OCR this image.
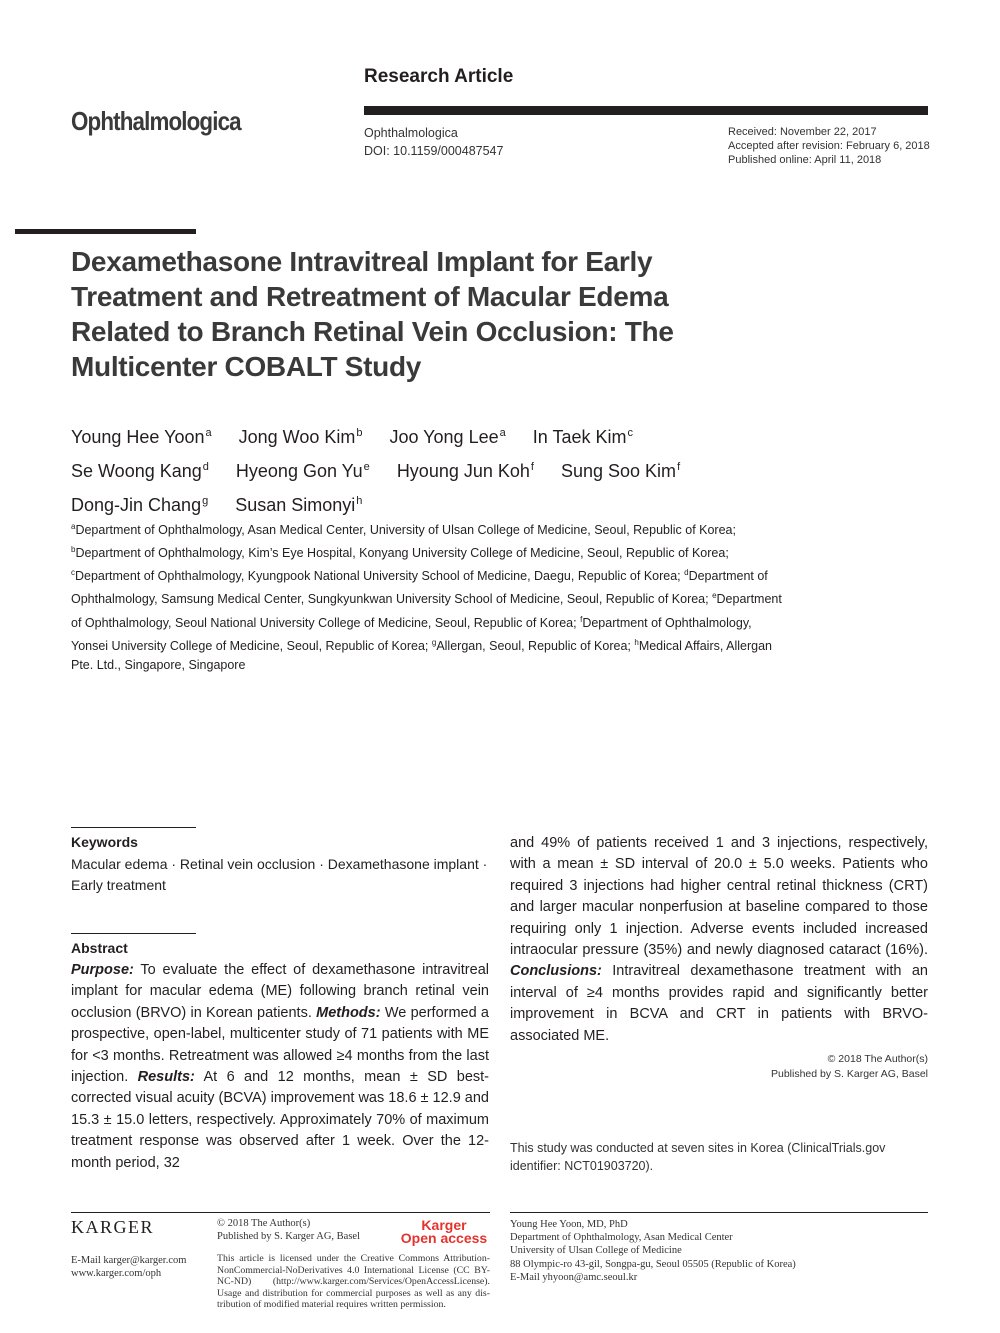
Ophthalmologica
Research Article
Ophthalmologica
DOI: 10.1159/000487547
Received: November 22, 2017
Accepted after revision: February 6, 2018
Published online: April 11, 2018
Dexamethasone Intravitreal Implant for Early Treatment and Retreatment of Macular Edema Related to Branch Retinal Vein Occlusion: The Multicenter COBALT Study
Young Hee Yoon$^a$ Jong Woo Kim$^b$ Joo Yong Lee$^a$ In Taek Kim$^c$
Se Woong Kang$^d$ Hyeong Gon Yu$^e$ Hyoung Jun Koh$^f$ Sung Soo Kim$^f$
Dong-Jin Chang$^g$ Susan Simonyi$^h$
$^a$Department of Ophthalmology, Asan Medical Center, University of Ulsan College of Medicine, Seoul, Republic of Korea; $^b$Department of Ophthalmology, Kim’s Eye Hospital, Konyang University College of Medicine, Seoul, Republic of Korea; $^c$Department of Ophthalmology, Kyungpook National University School of Medicine, Daegu, Republic of Korea; $^d$Department of Ophthalmology, Samsung Medical Center, Sungkyunkwan University School of Medicine, Seoul, Republic of Korea; $^e$Department of Ophthalmology, Seoul National University College of Medicine, Seoul, Republic of Korea; $^f$Department of Ophthalmology, Yonsei University College of Medicine, Seoul, Republic of Korea; $^g$Allergan, Seoul, Republic of Korea; $^h$Medical Affairs, Allergan Pte. Ltd., Singapore, Singapore
Keywords
Macular edema · Retinal vein occlusion · Dexamethasone implant · Early treatment
Abstract
Purpose: To evaluate the effect of dexamethasone intravitreal implant for macular edema (ME) following branch retinal vein occlusion (BRVO) in Korean patients. Methods: We performed a prospective, open-label, multicenter study of 71 patients with ME for <3 months. Retreatment was allowed ≥4 months from the last injection. Results: At 6 and 12 months, mean ± SD best-corrected visual acuity (BCVA) improvement was 18.6 ± 12.9 and 15.3 ± 15.0 letters, respectively. Approximately 70% of maximum treatment response was observed after 1 week. Over the 12-month period, 32
and 49% of patients received 1 and 3 injections, respectively, with a mean ± SD interval of 20.0 ± 5.0 weeks. Patients who required 3 injections had higher central retinal thickness (CRT) and larger macular nonperfusion at baseline compared to those requiring only 1 injection. Adverse events included increased intraocular pressure (35%) and newly diagnosed cataract (16%). Conclusions: Intravitreal dexamethasone treatment with an interval of ≥4 months provides rapid and significantly better improvement in BCVA and CRT in patients with BRVO-associated ME.
© 2018 The Author(s)
Published by S. Karger AG, Basel
This study was conducted at seven sites in Korea (ClinicalTrials.gov identifier: NCT01903720).
KARGER
E-Mail karger@karger.com
www.karger.com/oph
© 2018 The Author(s)
Published by S. Karger AG, Basel
Karger
Open access
This article is licensed under the Creative Commons Attribution-NonCommercial-NoDerivatives 4.0 International License (CC BY-NC-ND) (http://www.karger.com/Services/OpenAccessLicense). Usage and distribution for commercial purposes as well as any distribution of modified material requires written permission.
Young Hee Yoon, MD, PhD
Department of Ophthalmology, Asan Medical Center
University of Ulsan College of Medicine
88 Olympic-ro 43-gil, Songpa-gu, Seoul 05505 (Republic of Korea)
E-Mail yhyoon@amc.seoul.kr
